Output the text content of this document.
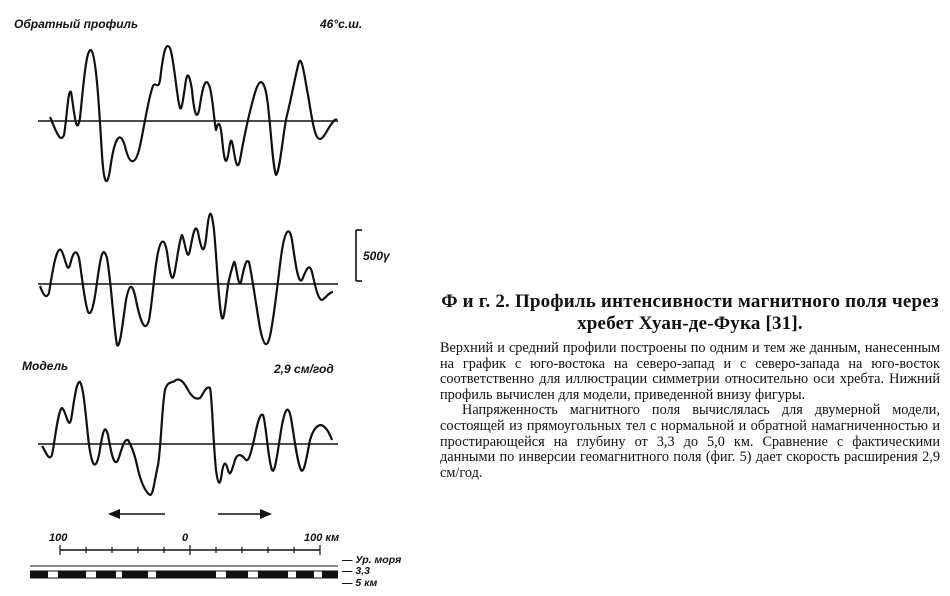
Обратный профиль	46°с.ш.
500γ
Модель	2,9 см/год
100	0	100 км
— Ур. моря
— 3,3
— 5 км

Ф и г. 2. Профиль интенсивности магнитного поля через хребет Хуан-де-Фука [31].

Верхний и средний профили построены по одним и тем же данным, нанесенным на график с юго-востока на северо-запад и с северо-запада на юго-восток соответственно для иллюстрации симметрии относительно оси хребта. Нижний профиль вычислен для модели, приведенной внизу фигуры.

Напряженность магнитного поля вычислялась для двумерной модели, состоящей из прямоугольных тел с нормальной и обратной намагниченностью и простирающейся на глубину от 3,3 до 5,0 км. Сравнение с фактическими данными по инверсии геомагнитного поля (фиг. 5) дает скорость расширения 2,9 см/год.
